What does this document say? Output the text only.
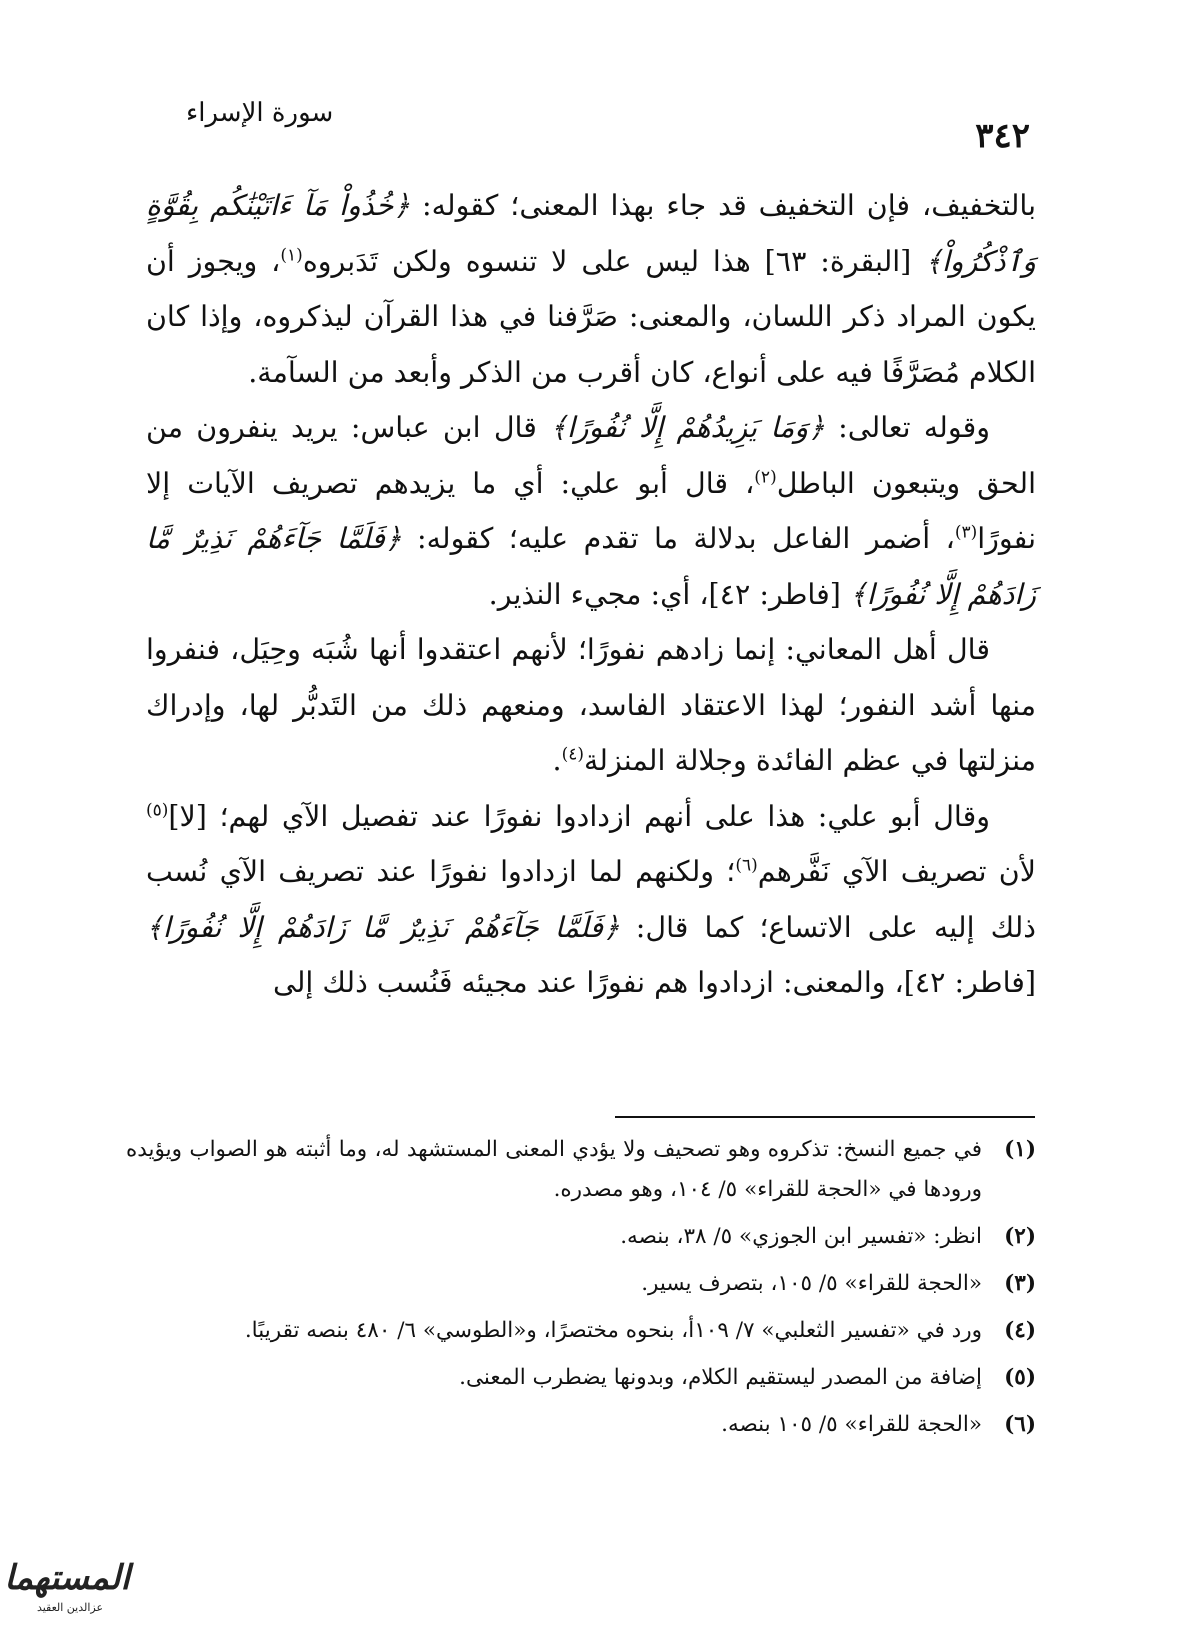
٣٤٢
سورة الإسراء

بالتخفيف، فإن التخفيف قد جاء بهذا المعنى؛ كقوله: ﴿خُذُواْ مَآ ءَاتَيْنَٰكُم بِقُوَّةٍ وَٱذْكُرُواْ﴾ [البقرة: ٦٣] هذا ليس على لا تنسوه ولكن تَدَبروه$^{(١)}$، ويجوز أن يكون المراد ذكر اللسان، والمعنى: صَرَّفنا في هذا القرآن ليذكروه، وإذا كان الكلام مُصَرَّفًا فيه على أنواع، كان أقرب من الذكر وأبعد من السآمة.

وقوله تعالى: ﴿وَمَا يَزِيدُهُمْ إِلَّا نُفُورًا﴾ قال ابن عباس: يريد ينفرون من الحق ويتبعون الباطل$^{(٢)}$، قال أبو علي: أي ما يزيدهم تصريف الآيات إلا نفورًا$^{(٣)}$، أضمر الفاعل بدلالة ما تقدم عليه؛ كقوله: ﴿فَلَمَّا جَآءَهُمْ نَذِيرٌ مَّا زَادَهُمْ إِلَّا نُفُورًا﴾ [فاطر: ٤٢]، أي: مجيء النذير.

قال أهل المعاني: إنما زادهم نفورًا؛ لأنهم اعتقدوا أنها شُبَه وحِيَل، فنفروا منها أشد النفور؛ لهذا الاعتقاد الفاسد، ومنعهم ذلك من التَدبُّر لها، وإدراك منزلتها في عظم الفائدة وجلالة المنزلة$^{(٤)}$.

وقال أبو علي: هذا على أنهم ازدادوا نفورًا عند تفصيل الآي لهم؛ [لا]$^{(٥)}$ لأن تصريف الآي نَفَّرهم$^{(٦)}$؛ ولكنهم لما ازدادوا نفورًا عند تصريف الآي نُسب ذلك إليه على الاتساع؛ كما قال: ﴿فَلَمَّا جَآءَهُمْ نَذِيرٌ مَّا زَادَهُمْ إِلَّا نُفُورًا﴾ [فاطر: ٤٢]، والمعنى: ازدادوا هم نفورًا عند مجيئه فَنُسب ذلك إلى

(١)
في جميع النسخ: تذكروه وهو تصحيف ولا يؤدي المعنى المستشهد له، وما أثبته هو الصواب ويؤيده ورودها في «الحجة للقراء» ٥/ ١٠٤، وهو مصدره.
(٢)
انظر: «تفسير ابن الجوزي» ٥/ ٣٨، بنصه.
(٣)
«الحجة للقراء» ٥/ ١٠٥، بتصرف يسير.
(٤)
ورد في «تفسير الثعلبي» ٧/ ١٠٩أ، بنحوه مختصرًا، و«الطوسي» ٦/ ٤٨٠ بنصه تقريبًا.
(٥)
إضافة من المصدر ليستقيم الكلام، وبدونها يضطرب المعنى.
(٦)
«الحجة للقراء» ٥/ ١٠٥ بنصه.
المستهما
عزالدين العقيد
